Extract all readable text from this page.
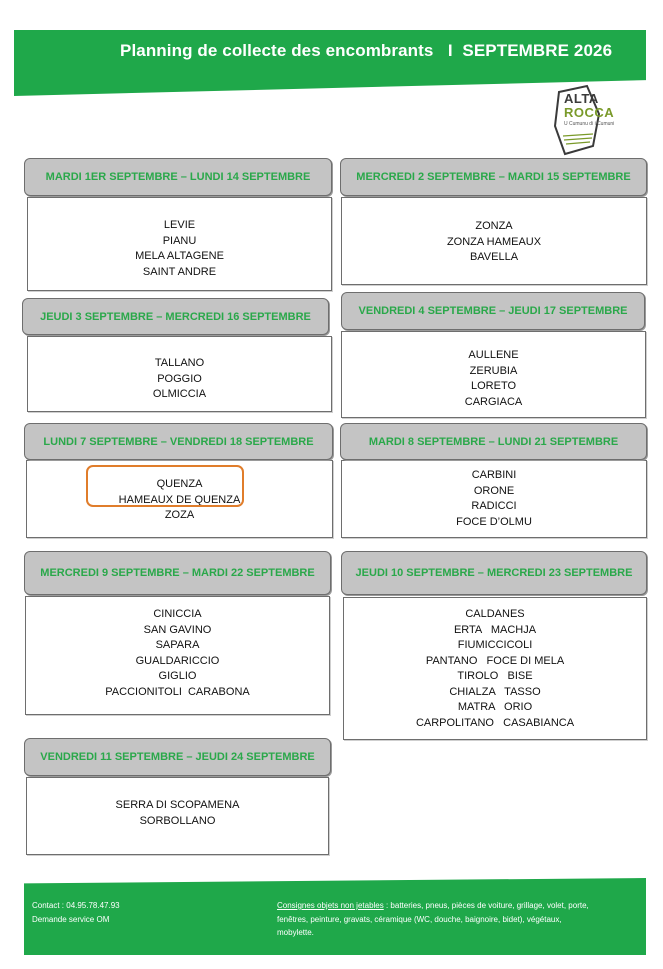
Planning de collecte des encombrants   I  SEPTEMBRE 2026
ALTA
ROCCA
U Cumunu di i Cumuni
LEVIE
PIANU
MELA ALTAGENE
SAINT ANDRE
MARDI 1ER SEPTEMBRE – LUNDI 14 SEPTEMBRE
ZONZA
ZONZA HAMEAUX
BAVELLA
MERCREDI 2 SEPTEMBRE – MARDI 15 SEPTEMBRE
TALLANO
POGGIO
OLMICCIA
JEUDI 3 SEPTEMBRE – MERCREDI 16 SEPTEMBRE
AULLENE
ZERUBIA
LORETO
CARGIACA
VENDREDI 4 SEPTEMBRE – JEUDI 17 SEPTEMBRE
QUENZA
HAMEAUX DE QUENZA
ZOZA
LUNDI 7 SEPTEMBRE – VENDREDI 18 SEPTEMBRE
CARBINI
ORONE
RADICCI
FOCE D’OLMU
MARDI 8 SEPTEMBRE – LUNDI 21 SEPTEMBRE
CINICCIA
SAN GAVINO
SAPARA
GUALDARICCIO
GIGLIO
PACCIONITOLI  CARABONA
MERCREDI 9 SEPTEMBRE – MARDI 22 SEPTEMBRE
CALDANES
ERTA   MACHJA
FIUMICCICOLI
PANTANO   FOCE DI MELA
TIROLO   BISE
CHIALZA   TASSO
MATRA   ORIO
CARPOLITANO   CASABIANCA
JEUDI 10 SEPTEMBRE – MERCREDI 23 SEPTEMBRE
SERRA DI SCOPAMENA
SORBOLLANO
VENDREDI 11 SEPTEMBRE – JEUDI 24 SEPTEMBRE
Contact : 04.95.78.47.93
Demande service OM
Consignes objets non jetables : batteries, pneus, pièces de voiture, grillage, volet, porte, fenêtres, peinture, gravats, céramique (WC, douche, baignoire, bidet), végétaux, mobylette.
